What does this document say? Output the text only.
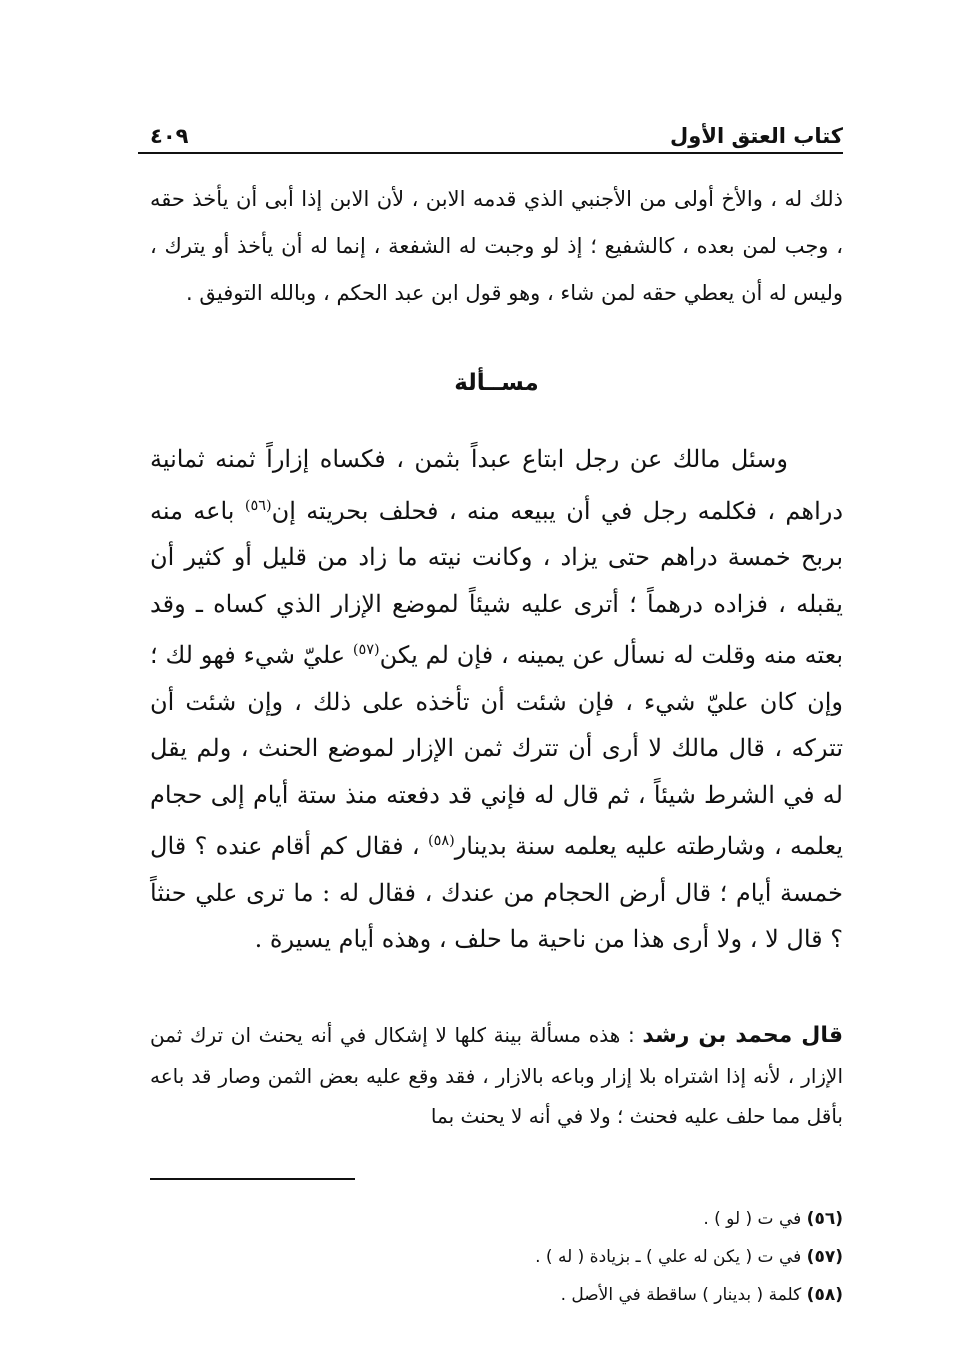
كتاب العتق الأول
٤٠٩

ذلك له ، والأخ أولى من الأجنبي الذي قدمه الابن ، لأن الابن إذا أبى أن يأخذ حقه ، وجب لمن بعده ، كالشفيع ؛ إذ لو وجبت له الشفعة ، إنما له أن يأخذ أو يترك ، وليس له أن يعطي حقه لمن شاء ، وهو قول ابن عبد الحكم ، وبالله التوفيق .

مســألة

وسئل مالك عن رجل ابتاع عبداً بثمن ، فكساه إزاراً ثمنه ثمانية دراهم ، فكلمه رجل في أن يبيعه منه ، فحلف بحريته إن$^{(٥٦)}$ باعه منه بربح خمسة دراهم حتى يزاد ، وكانت نيته ما زاد من قليل أو كثير أن يقبله ، فزاده درهماً ؛ أترى عليه شيئاً لموضع الإزار الذي كساه ـ وقد بعته منه وقلت له نسأل عن يمينه ، فإن لم يكن$^{(٥٧)}$ عليّ شيء فهو لك ؛ وإن كان عليّ شيء ، فإن شئت أن تأخذه على ذلك ، وإن شئت أن تتركه ، قال مالك لا أرى أن تترك ثمن الإزار لموضع الحنث ، ولم يقل له في الشرط شيئاً ، ثم قال له فإني قد دفعته منذ ستة أيام إلى حجام يعلمه ، وشارطته عليه يعلمه سنة بدينار$^{(٥٨)}$ ، فقال كم أقام عنده ؟ قال خمسة أيام ؛ قال أرض الحجام من عندك ، فقال له : ما ترى علي حنثاً ؟ قال لا ، ولا أرى هذا من ناحية ما حلف ، وهذه أيام يسيرة .

قال محمد بن رشد : هذه مسألة بينة كلها لا إشكال في أنه يحنث ان ترك ثمن الإزار ، لأنه إذا اشتراه بلا إزار وباعه بالازار ، فقد وقع عليه بعض الثمن وصار قد باعه بأقل مما حلف عليه فحنث ؛ ولا في أنه لا يحنث بما

(٥٦) في ت ( لو ) .
(٥٧) في ت ( يكن له علي ) ـ بزيادة ( له ) .
(٥٨) كلمة ( بدينار ) ساقطة في الأصل .
